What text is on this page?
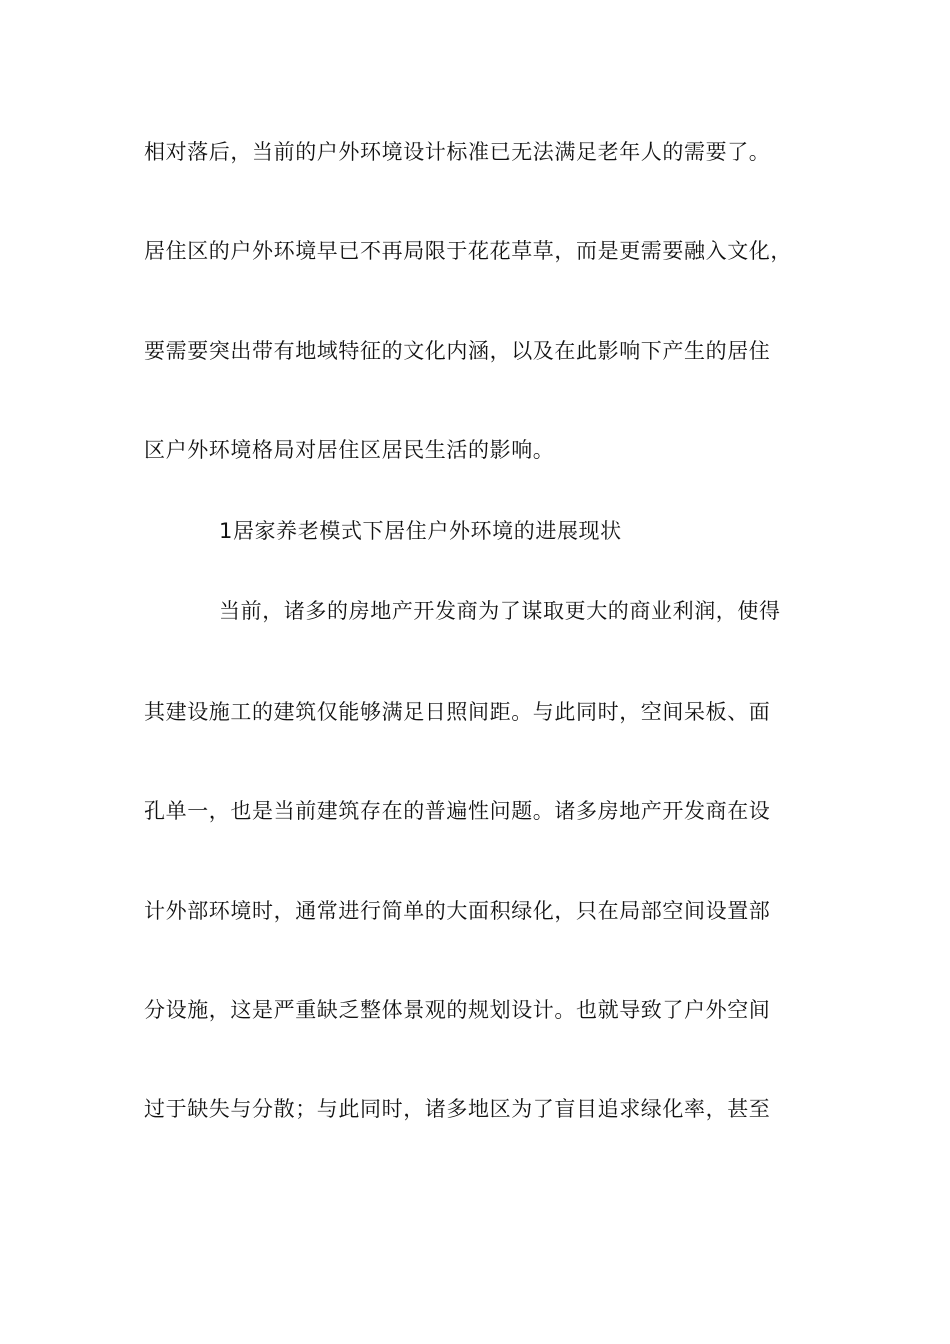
相对落后，当前的户外环境设计标准已无法满足老年人的需要了。
居住区的户外环境早已不再局限于花花草草，而是更需要融入文化，
要需要突出带有地域特征的文化内涵，以及在此影响下产生的居住
区户外环境格局对居住区居民生活的影响。
1居家养老模式下居住户外环境的进展现状
当前，诸多的房地产开发商为了谋取更大的商业利润，使得
其建设施工的建筑仅能够满足日照间距。与此同时，空间呆板、面
孔单一，也是当前建筑存在的普遍性问题。诸多房地产开发商在设
计外部环境时，通常进行简单的大面积绿化，只在局部空间设置部
分设施，这是严重缺乏整体景观的规划设计。也就导致了户外空间
过于缺失与分散；与此同时，诸多地区为了盲目追求绿化率，甚至
